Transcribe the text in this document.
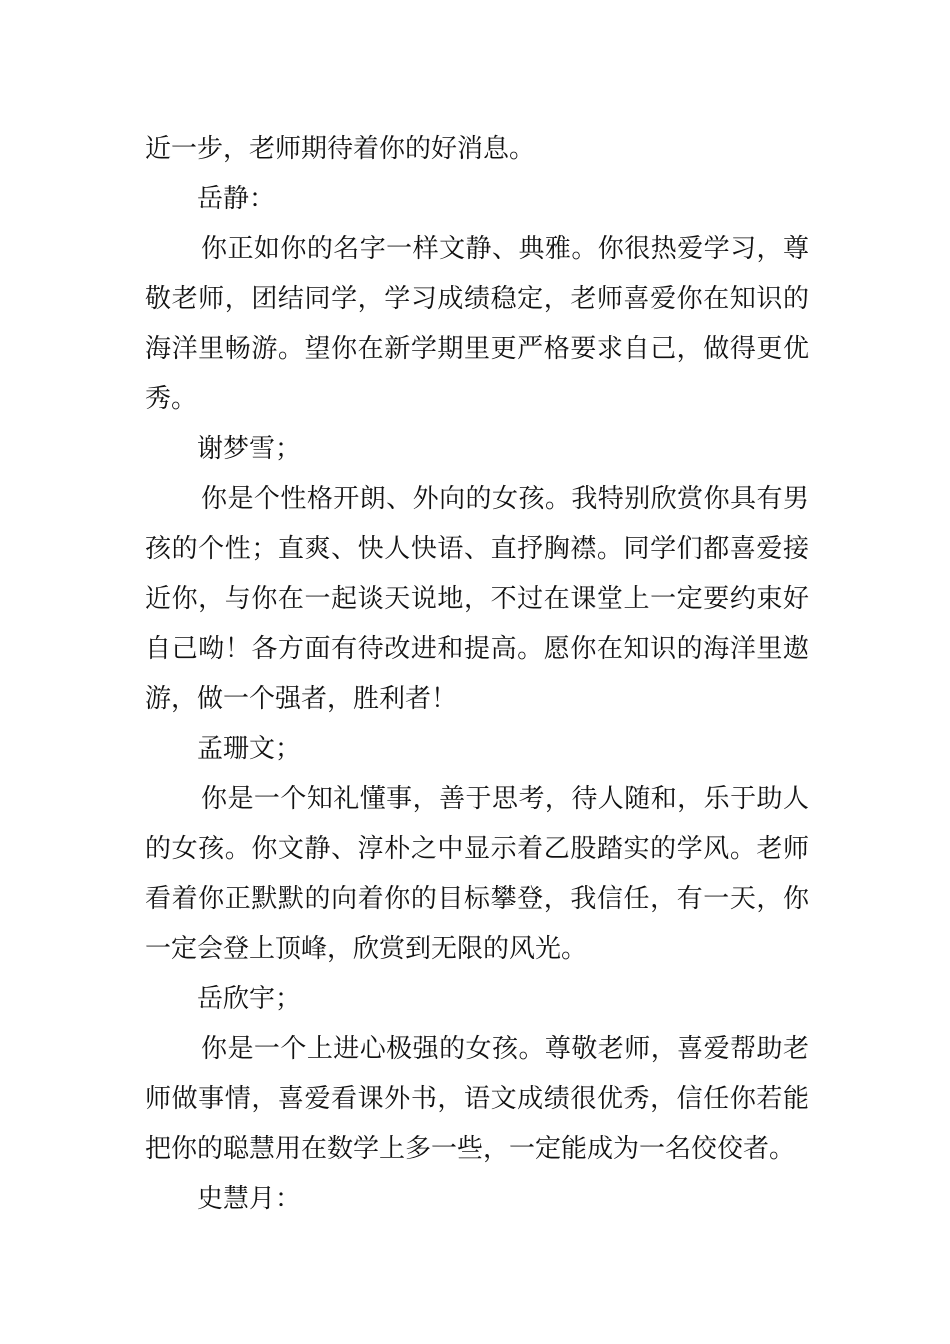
近一步，老师期待着你的好消息。

岳静：

你正如你的名字一样文静、典雅。你很热爱学习，尊敬老师，团结同学，学习成绩稳定，老师喜爱你在知识的海洋里畅游。望你在新学期里更严格要求自己，做得更优秀。

谢梦雪；

你是个性格开朗、外向的女孩。我特别欣赏你具有男孩的个性；直爽、快人快语、直抒胸襟。同学们都喜爱接近你，与你在一起谈天说地，不过在课堂上一定要约束好自己呦！各方面有待改进和提高。愿你在知识的海洋里遨游，做一个强者，胜利者！

孟珊文；

你是一个知礼懂事，善于思考，待人随和，乐于助人的女孩。你文静、淳朴之中显示着乙股踏实的学风。老师看着你正默默的向着你的目标攀登，我信任，有一天，你一定会登上顶峰，欣赏到无限的风光。

岳欣宇；

你是一个上进心极强的女孩。尊敬老师，喜爱帮助老师做事情，喜爱看课外书，语文成绩很优秀，信任你若能把你的聪慧用在数学上多一些，一定能成为一名佼佼者。

史慧月：
